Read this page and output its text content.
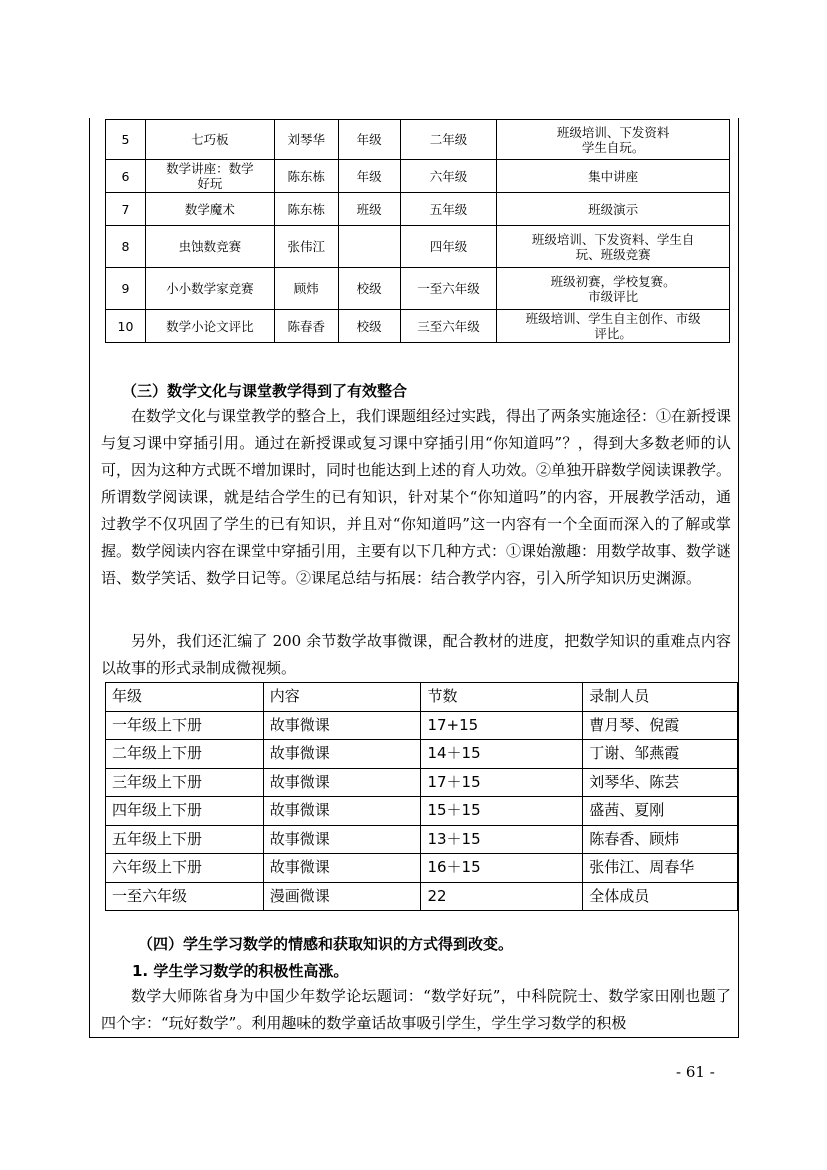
5	七巧板	刘琴华	年级	二年级	班级培训、下发资料
学生自玩。

6	数学讲座：数学
好玩	陈东栋	年级	六年级	集中讲座

7	数学魔术	陈东栋	班级	五年级	班级演示

8	虫蚀数竞赛	张伟江		四年级	班级培训、下发资料、学生自
玩、班级竞赛

9	小小数学家竞赛	顾炜	校级	一至六年级	班级初赛，学校复赛。
市级评比

10	数学小论文评比	陈春香	校级	三至六年级	班级培训、学生自主创作、市级
评比。
（三）数学文化与课堂教学得到了有效整合
在数学文化与课堂教学的整合上，我们课题组经过实践，得出了两条实施途径：①在新授课与复习课中穿插引用。通过在新授课或复习课中穿插引用“你知道吗”？，得到大多数老师的认可，因为这种方式既不增加课时，同时也能达到上述的育人功效。②单独开辟数学阅读课教学。所谓数学阅读课，就是结合学生的已有知识，针对某个“你知道吗”的内容，开展教学活动，通过教学不仅巩固了学生的已有知识，并且对“你知道吗”这一内容有一个全面而深入的了解或掌握。数学阅读内容在课堂中穿插引用，主要有以下几种方式：①课始激趣：用数学故事、数学谜语、数学笑话、数学日记等。②课尾总结与拓展：结合教学内容，引入所学知识历史渊源。
另外，我们还汇编了 200 余节数学故事微课，配合教材的进度，把数学知识的重难点内容以故事的形式录制成微视频。
年级	内容	节数	录制人员
一年级上下册	故事微课	17+15	曹月琴、倪霞
二年级上下册	故事微课	14＋15	丁谢、邹燕霞
三年级上下册	故事微课	17＋15	刘琴华、陈芸
四年级上下册	故事微课	15＋15	盛茜、夏刚
五年级上下册	故事微课	13＋15	陈春香、顾炜
六年级上下册	故事微课	16＋15	张伟江、周春华
一至六年级	漫画微课	22	全体成员
（四）学生学习数学的情感和获取知识的方式得到改变。
1. 学生学习数学的积极性高涨。
数学大师陈省身为中国少年数学论坛题词：“数学好玩”，中科院院士、数学家田刚也题了四个字：“玩好数学”。利用趣味的数学童话故事吸引学生，学生学习数学的积极
- 61 -
